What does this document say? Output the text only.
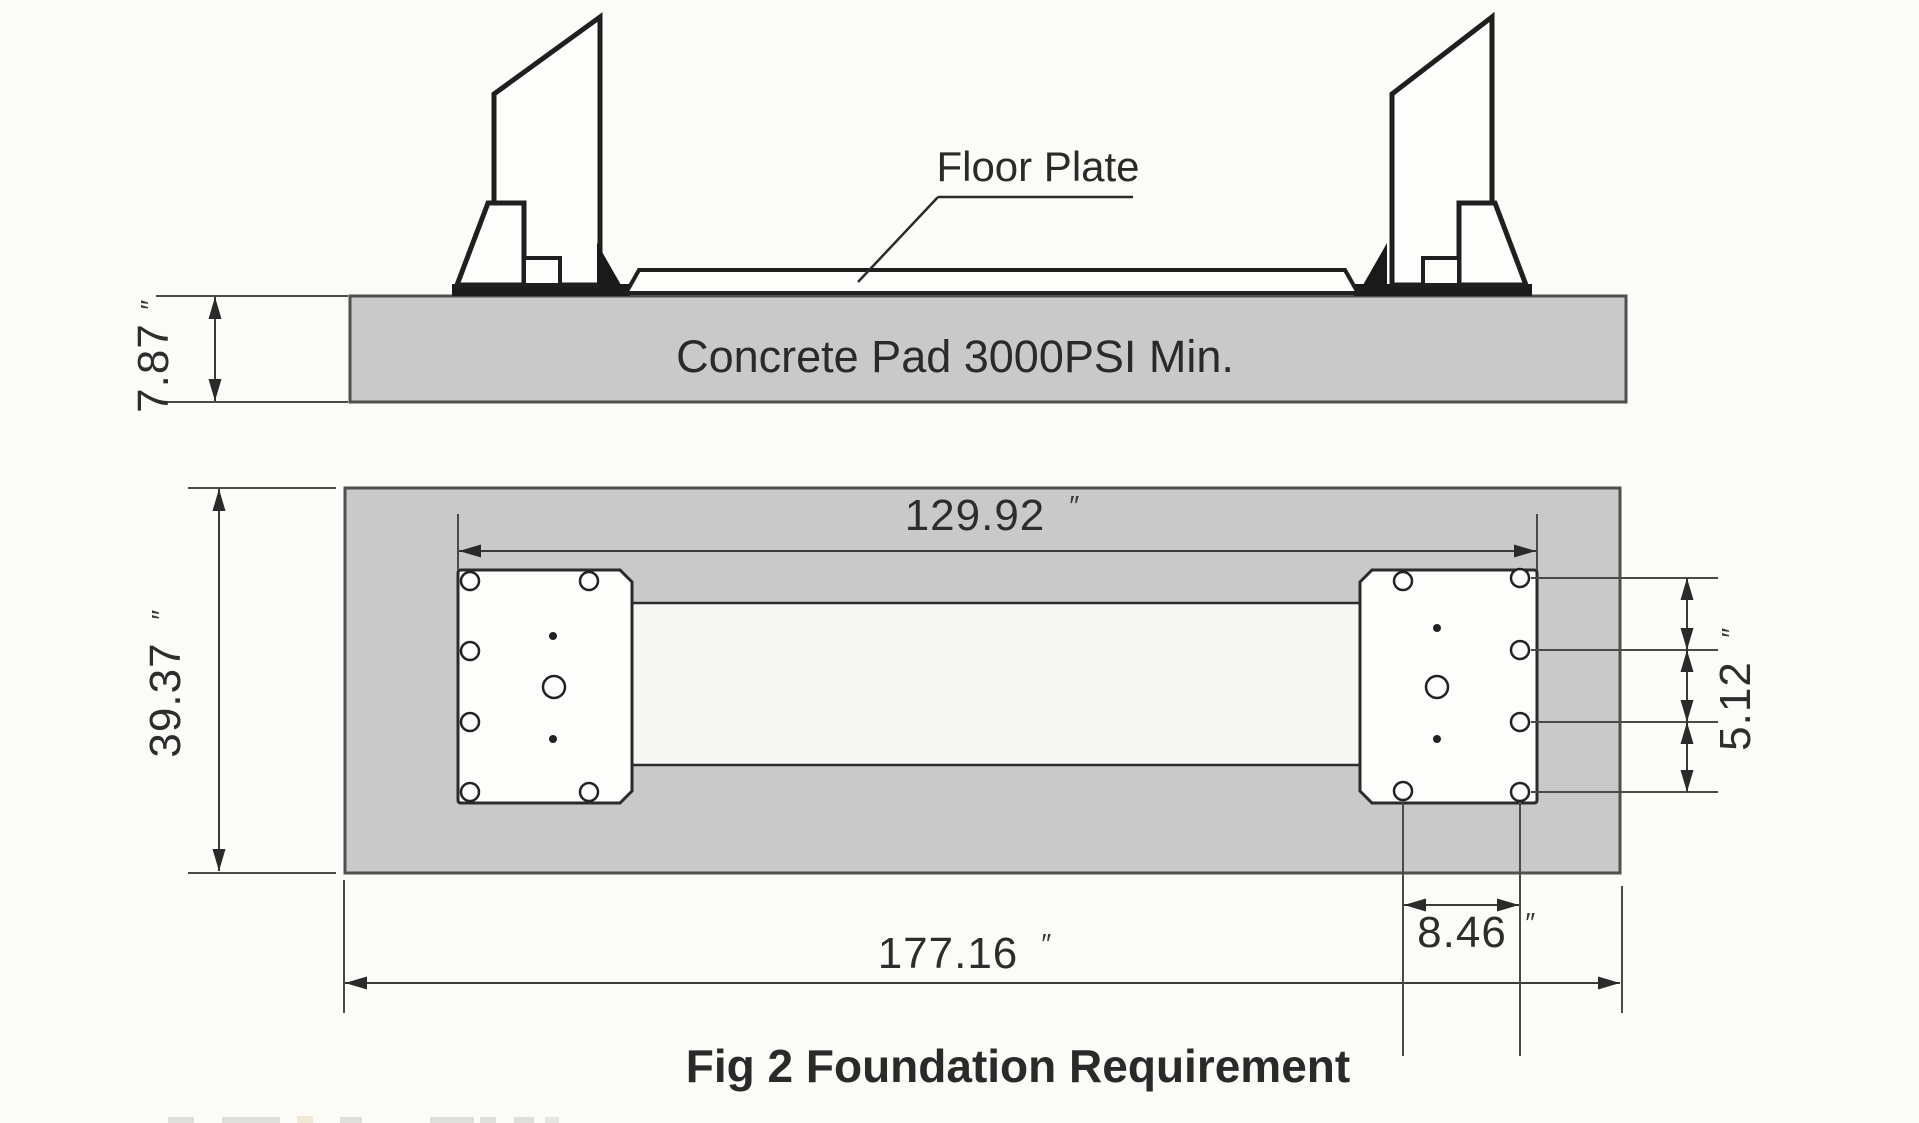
Concrete Pad 3000PSI Min.
Floor Plate
7.87
″
129.92 ″
39.37
″
177.16 ″	8.46 ″
5.12
″
Fig 2 Foundation Requirement
